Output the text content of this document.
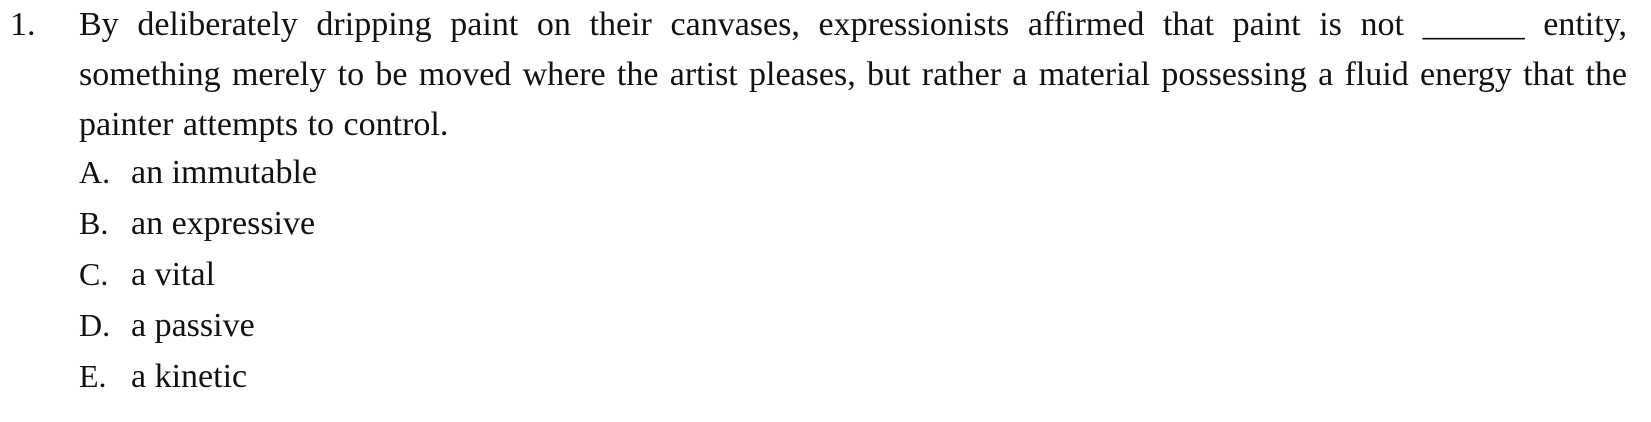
1. By deliberately dripping paint on their canvases, expressionists affirmed that paint is not ______ entity, something merely to be moved where the artist pleases, but rather a material possessing a fluid energy that the painter attempts to control.
A. an immutable
B. an expressive
C. a vital
D. a passive
E. a kinetic
